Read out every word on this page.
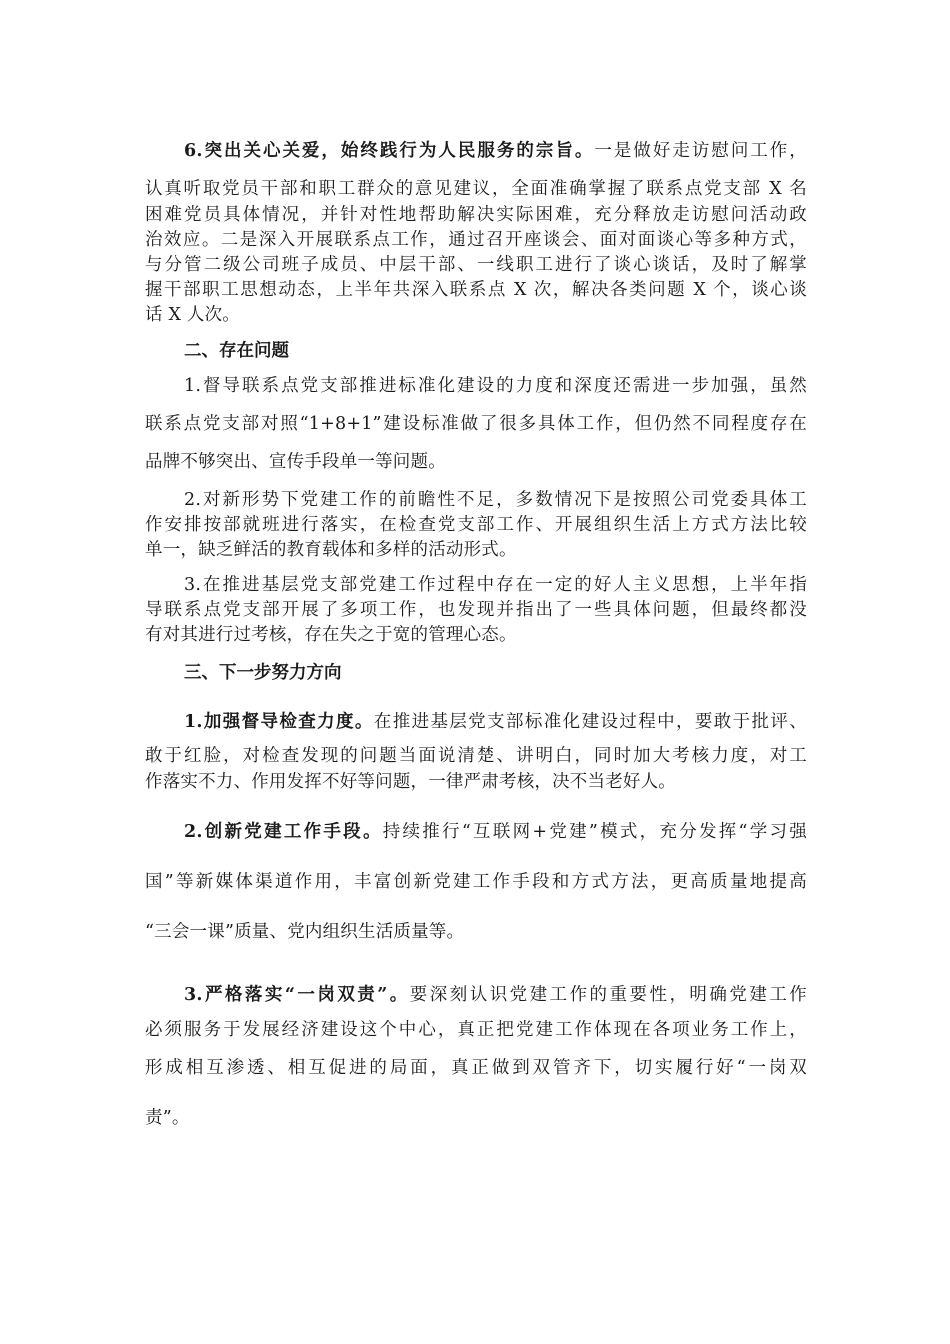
6.突出关心关爱，始终践行为人民服务的宗旨。一是做好走访慰问工作，
认真听取党员干部和职工群众的意见建议，全面准确掌握了联系点党支部 X 名
困难党员具体情况，并针对性地帮助解决实际困难，充分释放走访慰问活动政
治效应。二是深入开展联系点工作，通过召开座谈会、面对面谈心等多种方式，
与分管二级公司班子成员、中层干部、一线职工进行了谈心谈话，及时了解掌
握干部职工思想动态，上半年共深入联系点 X 次，解决各类问题 X 个，谈心谈
话 X 人次。
二、存在问题
1.督导联系点党支部推进标准化建设的力度和深度还需进一步加强，虽然
联系点党支部对照“1+8+1”建设标准做了很多具体工作，但仍然不同程度存在
品牌不够突出、宣传手段单一等问题。
2.对新形势下党建工作的前瞻性不足，多数情况下是按照公司党委具体工
作安排按部就班进行落实，在检查党支部工作、开展组织生活上方式方法比较
单一，缺乏鲜活的教育载体和多样的活动形式。
3.在推进基层党支部党建工作过程中存在一定的好人主义思想，上半年指
导联系点党支部开展了多项工作，也发现并指出了一些具体问题，但最终都没
有对其进行过考核，存在失之于宽的管理心态。
三、下一步努力方向
1.加强督导检查力度。在推进基层党支部标准化建设过程中，要敢于批评、
敢于红脸，对检查发现的问题当面说清楚、讲明白，同时加大考核力度，对工
作落实不力、作用发挥不好等问题，一律严肃考核，决不当老好人。
2.创新党建工作手段。持续推行“互联网+党建”模式，充分发挥“学习强
国”等新媒体渠道作用，丰富创新党建工作手段和方式方法，更高质量地提高
“三会一课”质量、党内组织生活质量等。
3.严格落实“一岗双责”。要深刻认识党建工作的重要性，明确党建工作
必须服务于发展经济建设这个中心，真正把党建工作体现在各项业务工作上，
形成相互渗透、相互促进的局面，真正做到双管齐下，切实履行好“一岗双
责”。
